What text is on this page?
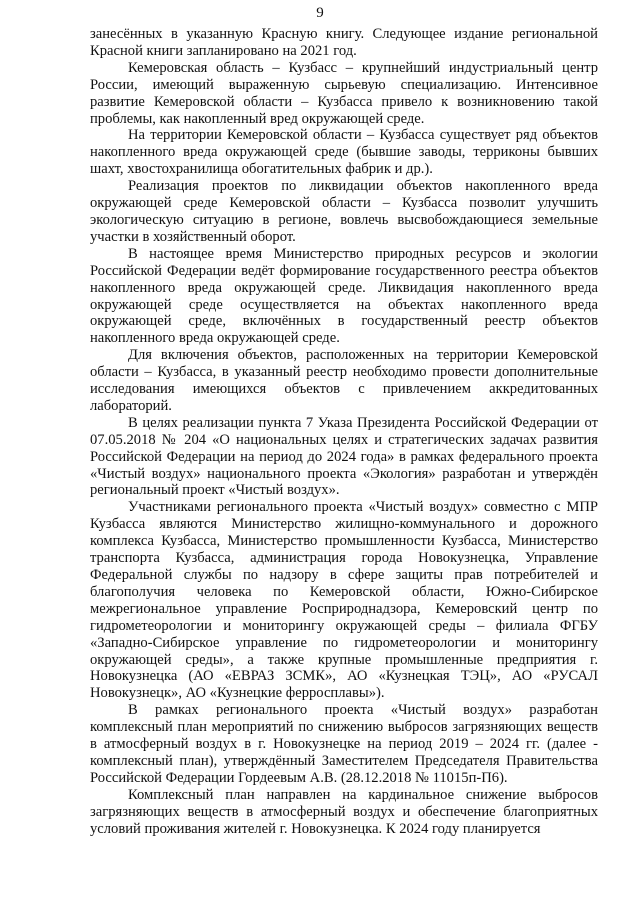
9

занесённых в указанную Красную книгу. Следующее издание региональной Красной книги запланировано на 2021 год.

Кемеровская область – Кузбасс – крупнейший индустриальный центр России, имеющий выраженную сырьевую специализацию. Интенсивное развитие Кемеровской области – Кузбасса привело к возникновению такой проблемы, как накопленный вред окружающей среде.

На территории Кемеровской области – Кузбасса существует ряд объектов накопленного вреда окружающей среде (бывшие заводы, терриконы бывших шахт, хвостохранилища обогатительных фабрик и др.).

Реализация проектов по ликвидации объектов накопленного вреда окружающей среде Кемеровской области – Кузбасса позволит улучшить экологическую ситуацию в регионе, вовлечь высвобождающиеся земельные участки в хозяйственный оборот.

В настоящее время Министерство природных ресурсов и экологии Российской Федерации ведёт формирование государственного реестра объектов накопленного вреда окружающей среде. Ликвидация накопленного вреда окружающей среде осуществляется на объектах накопленного вреда окружающей среде, включённых в государственный реестр объектов накопленного вреда окружающей среде.

Для включения объектов, расположенных на территории Кемеровской области – Кузбасса, в указанный реестр необходимо провести дополнительные исследования имеющихся объектов с привлечением аккредитованных лабораторий.

В целях реализации пункта 7 Указа Президента Российской Федерации от 07.05.2018 № 204 «О национальных целях и стратегических задачах развития Российской Федерации на период до 2024 года» в рамках федерального проекта «Чистый воздух» национального проекта «Экология» разработан и утверждён региональный проект «Чистый воздух».

Участниками регионального проекта «Чистый воздух» совместно с МПР Кузбасса являются Министерство жилищно-коммунального и дорожного комплекса Кузбасса, Министерство промышленности Кузбасса, Министерство транспорта Кузбасса, администрация города Новокузнецка, Управление Федеральной службы по надзору в сфере защиты прав потребителей и благополучия человека по Кемеровской области, Южно-Сибирское межрегиональное управление Росприроднадзора, Кемеровский центр по гидрометеорологии и мониторингу окружающей среды – филиала ФГБУ «Западно-Сибирское управление по гидрометеорологии и мониторингу окружающей среды», а также крупные промышленные предприятия г. Новокузнецка (АО «ЕВРАЗ ЗСМК», АО «Кузнецкая ТЭЦ», АО «РУСАЛ Новокузнецк», АО «Кузнецкие ферросплавы»).

В рамках регионального проекта «Чистый воздух» разработан комплексный план мероприятий по снижению выбросов загрязняющих веществ в атмосферный воздух в г. Новокузнецке на период 2019 – 2024 гг. (далее - комплексный план), утверждённый Заместителем Председателя Правительства Российской Федерации Гордеевым А.В. (28.12.2018 № 11015п-П6).

Комплексный план направлен на кардинальное снижение выбросов загрязняющих веществ в атмосферный воздух и обеспечение благоприятных условий проживания жителей г. Новокузнецка. К 2024 году планируется
